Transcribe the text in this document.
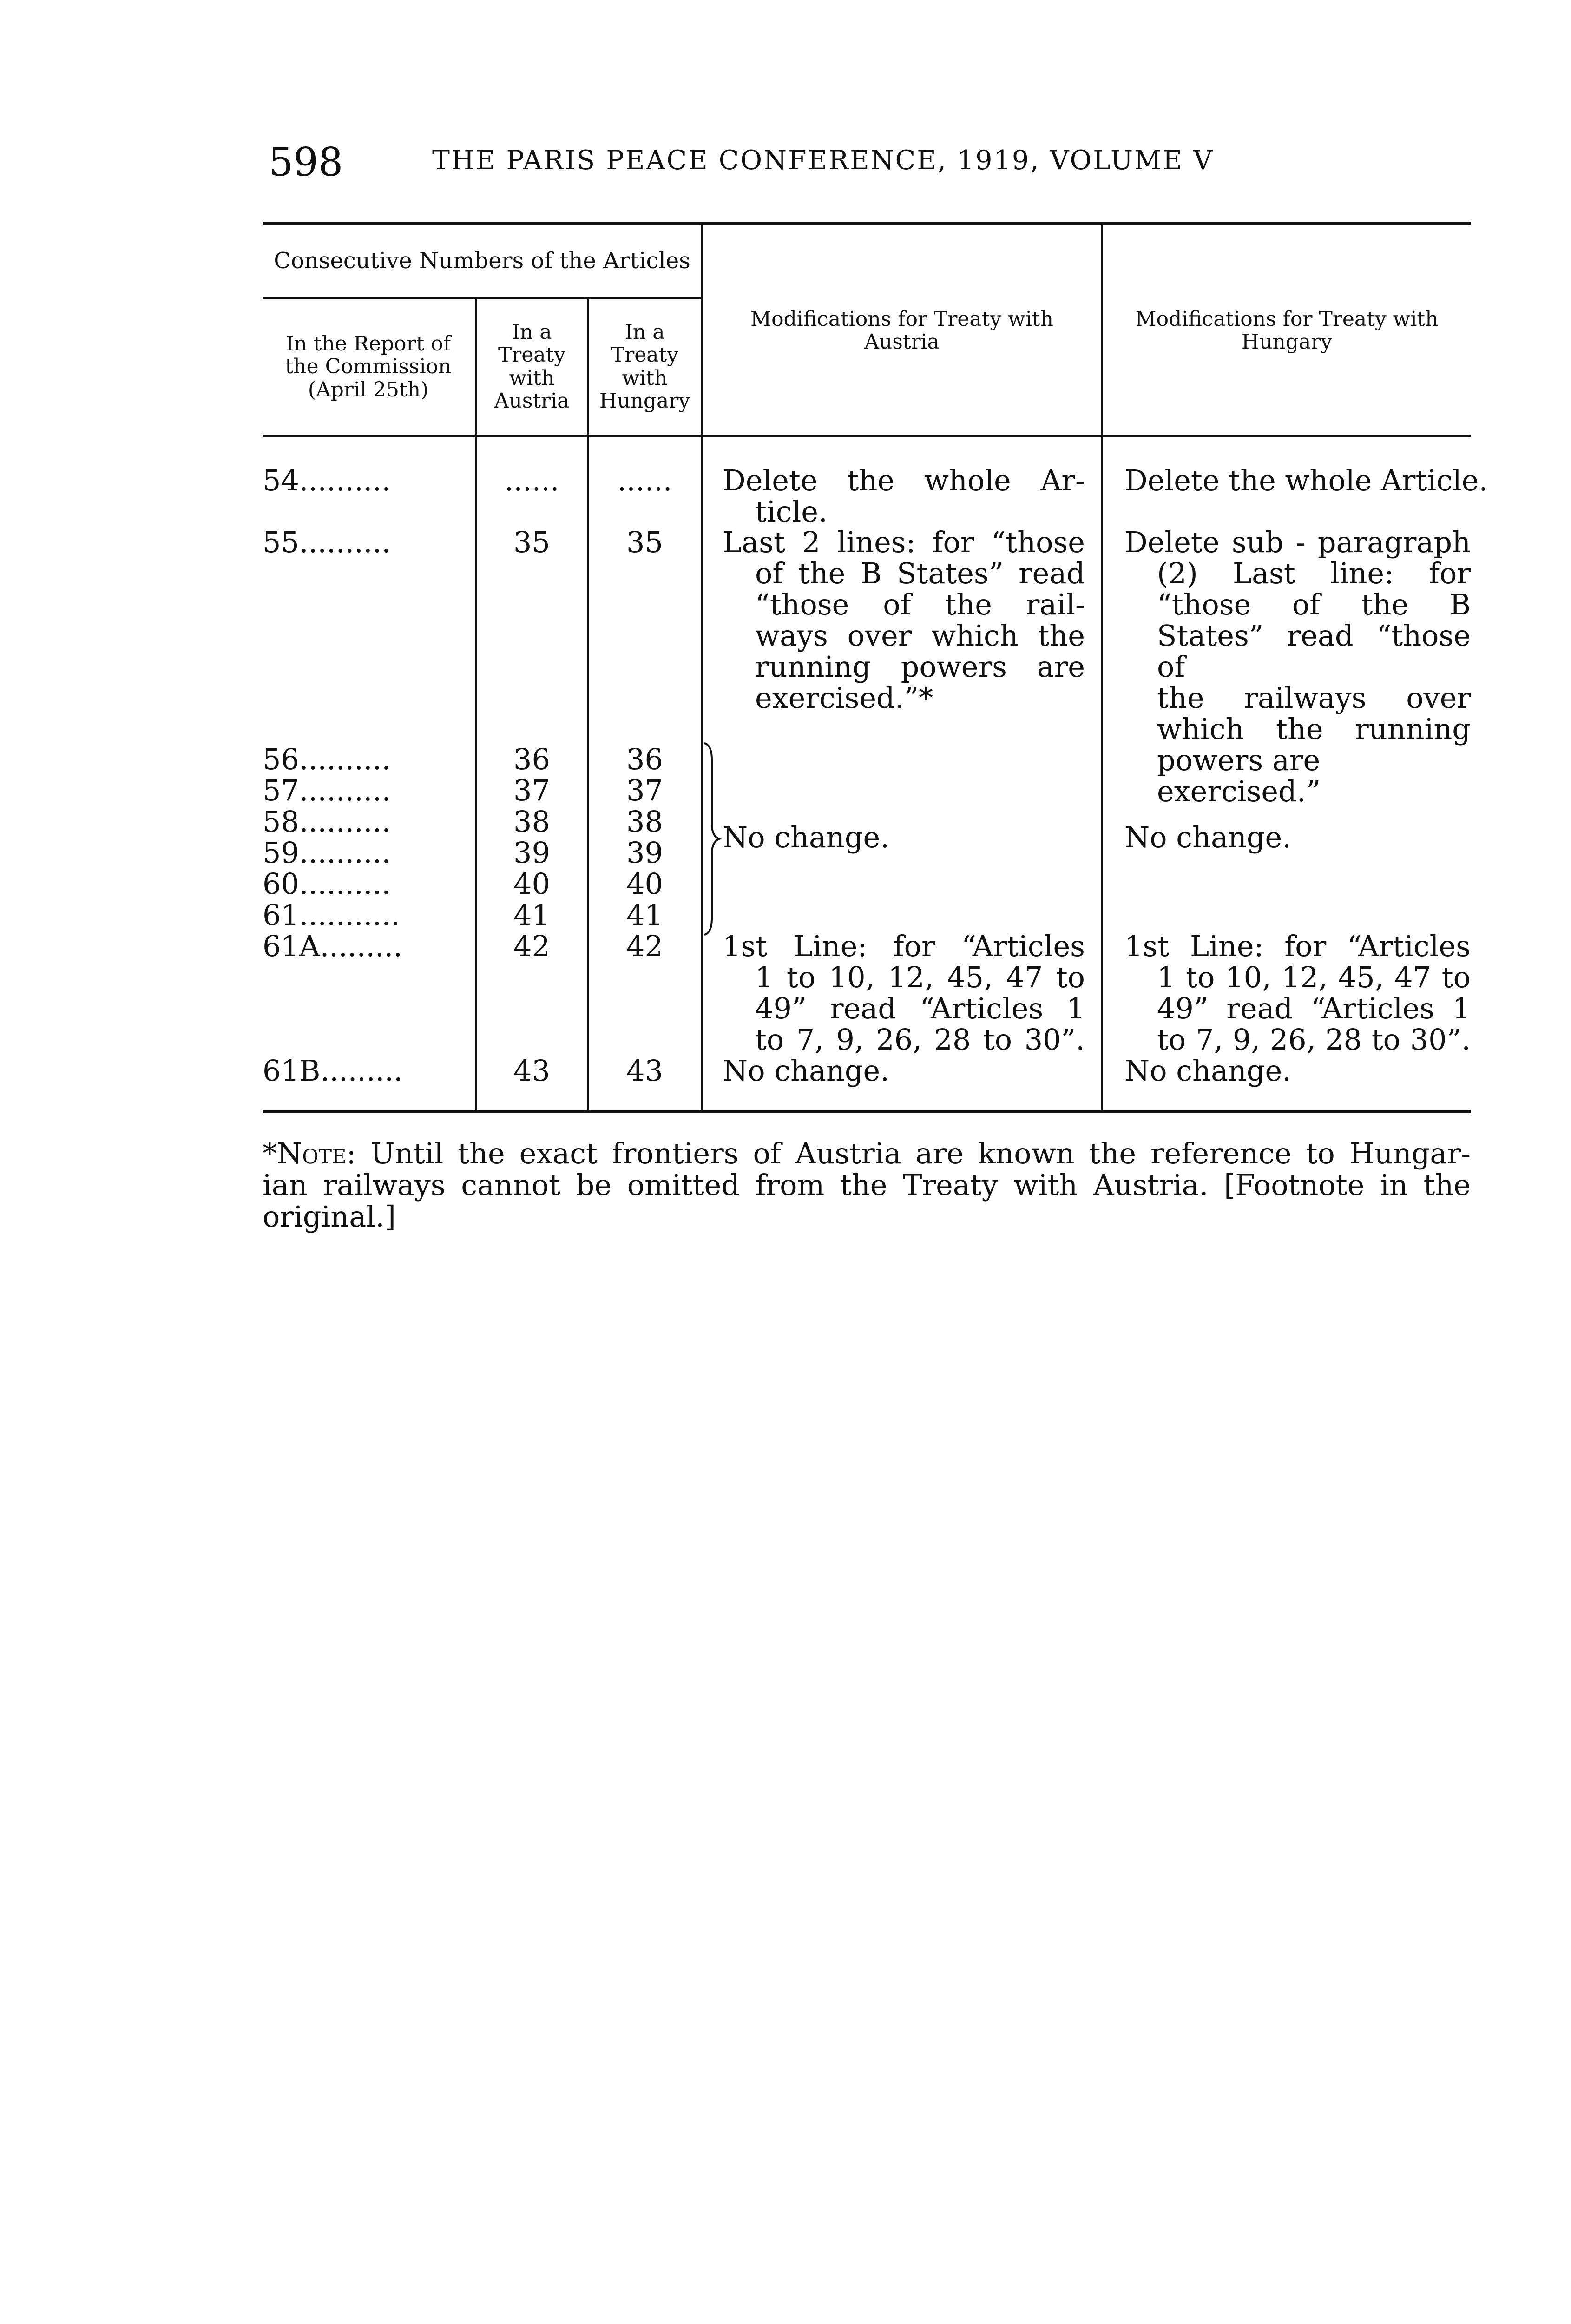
598	THE PARIS PEACE CONFERENCE, 1919, VOLUME V
Consecutive Numbers of the Articles
In the Report of
the Commission
(April 25th)
In a
Treaty
with
Austria
In a
Treaty
with
Hungary
Modifications for Treaty with
Austria
Modifications for Treaty with
Hungary
54..........
55..........
56..........
57..........
58..........
59..........
60..........
61...........
61A.........
61B.........
......
35
36
37
38
39
40
41
42
43
......
35
36
37
38
39
40
41
42
43
Delete the whole Ar-
ticle.
Last 2 lines: for “those
of the B States” read
“those of the rail-
ways over which the
running powers are
exercised.”*
No change.
1st Line: for “Articles
1 to 10, 12, 45, 47 to
49” read “Articles 1
to 7, 9, 26, 28 to 30”.
No change.
Delete the whole Article.
Delete sub - paragraph
(2) Last line: for
“those of the B
States” read “those of
the railways over
which the running
powers are exercised.”
No change.
1st Line: for “Articles
1 to 10, 12, 45, 47 to
49” read “Articles 1
to 7, 9, 26, 28 to 30”.
No change.
*Note: Until the exact frontiers of Austria are known the reference to Hungar-
ian railways cannot be omitted from the Treaty with Austria. [Footnote in the
original.]
